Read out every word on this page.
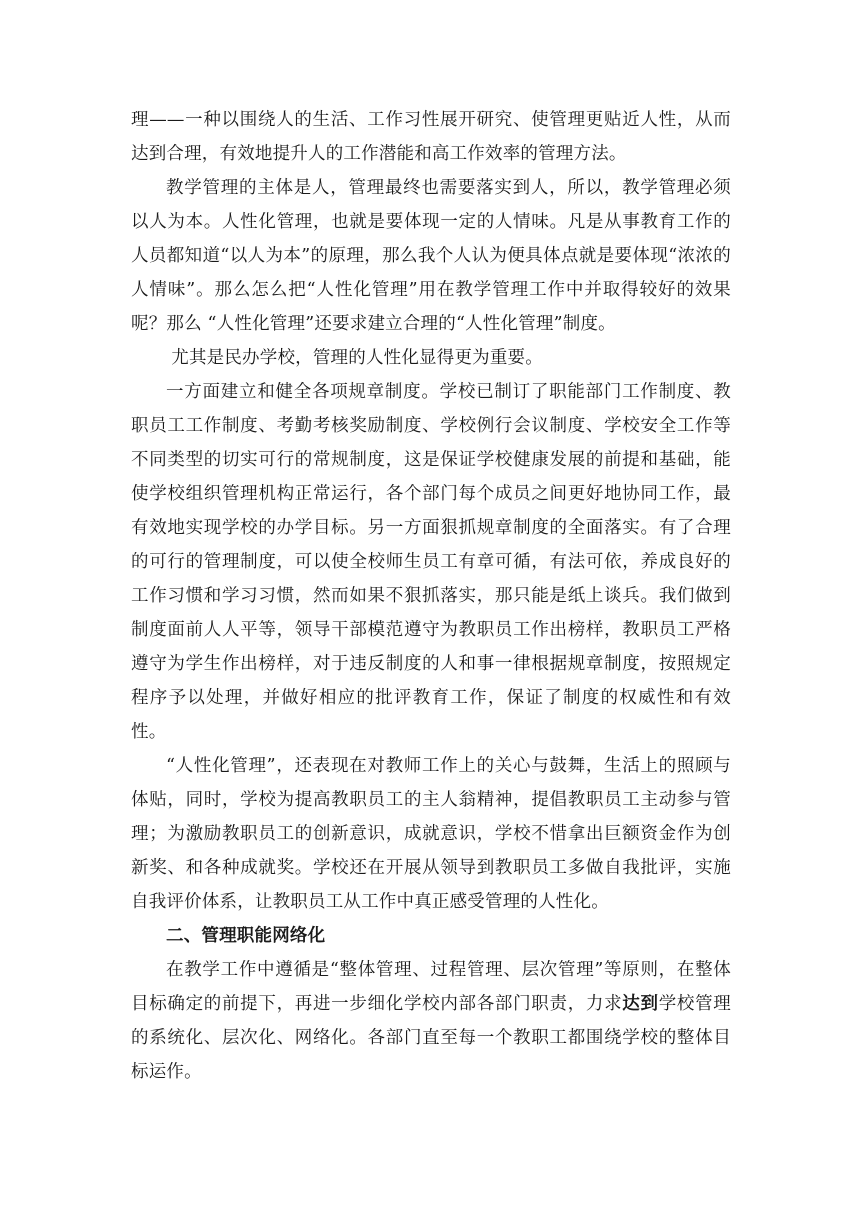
理——一种以围绕人的生活、工作习性展开研究、使管理更贴近人性，从而达到合理，有效地提升人的工作潜能和高工作效率的管理方法。

教学管理的主体是人，管理最终也需要落实到人，所以，教学管理必须以人为本。人性化管理，也就是要体现一定的人情味。凡是从事教育工作的人员都知道“以人为本”的原理，那么我个人认为便具体点就是要体现“浓浓的人情味”。那么怎么把“人性化管理”用在教学管理工作中并取得较好的效果呢？那么 “人性化管理”还要求建立合理的“人性化管理”制度。

尤其是民办学校，管理的人性化显得更为重要。

一方面建立和健全各项规章制度。学校已制订了职能部门工作制度、教职员工工作制度、考勤考核奖励制度、学校例行会议制度、学校安全工作等不同类型的切实可行的常规制度，这是保证学校健康发展的前提和基础，能使学校组织管理机构正常运行，各个部门每个成员之间更好地协同工作，最有效地实现学校的办学目标。另一方面狠抓规章制度的全面落实。有了合理的可行的管理制度，可以使全校师生员工有章可循，有法可依，养成良好的工作习惯和学习习惯，然而如果不狠抓落实，那只能是纸上谈兵。我们做到制度面前人人平等，领导干部模范遵守为教职员工作出榜样，教职员工严格遵守为学生作出榜样，对于违反制度的人和事一律根据规章制度，按照规定程序予以处理，并做好相应的批评教育工作，保证了制度的权威性和有效性。

“人性化管理”，还表现在对教师工作上的关心与鼓舞，生活上的照顾与体贴，同时，学校为提高教职员工的主人翁精神，提倡教职员工主动参与管理；为激励教职员工的创新意识，成就意识，学校不惜拿出巨额资金作为创新奖、和各种成就奖。学校还在开展从领导到教职员工多做自我批评，实施自我评价体系，让教职员工从工作中真正感受管理的人性化。

二、管理职能网络化

在教学工作中遵循是“整体管理、过程管理、层次管理”等原则，在整体目标确定的前提下，再进一步细化学校内部各部门职责，力求达到学校管理的系统化、层次化、网络化。各部门直至每一个教职工都围绕学校的整体目标运作。
